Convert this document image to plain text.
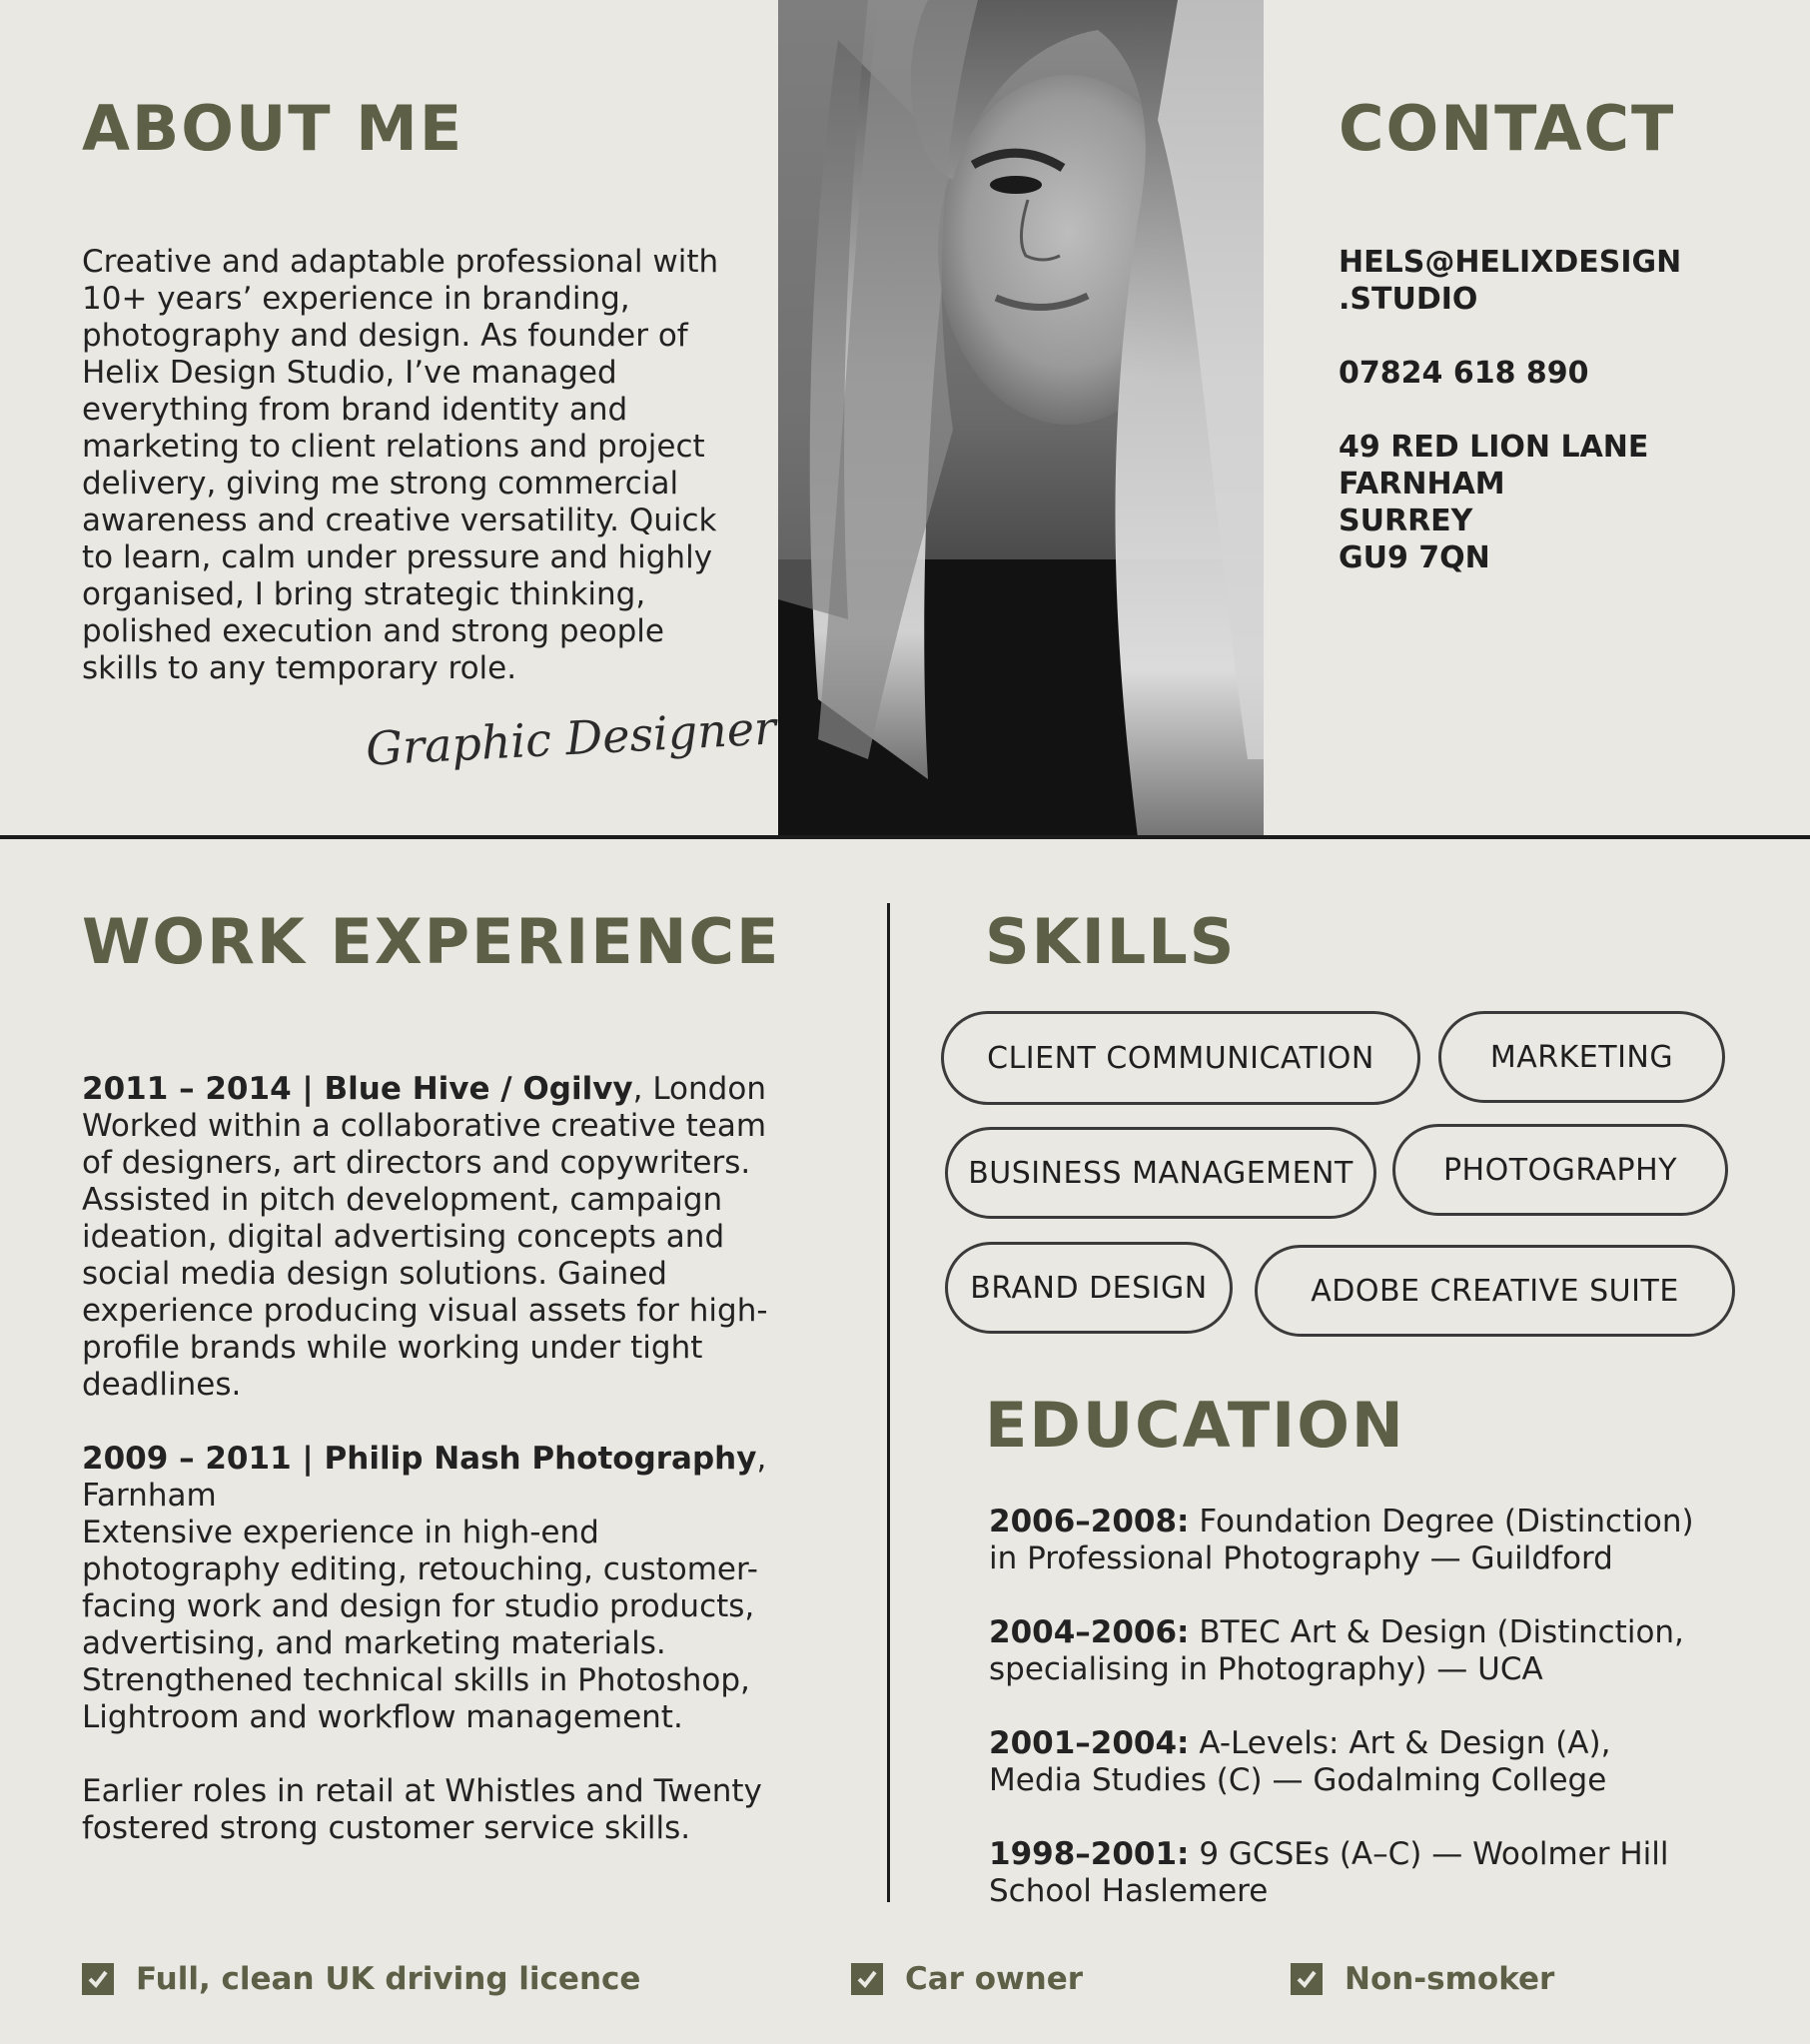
ABOUT ME
Creative and adaptable professional with 10+ years’ experience in branding, photography and design. As founder of Helix Design Studio, I’ve managed everything from brand identity and marketing to client relations and project delivery, giving me strong commercial awareness and creative versatility. Quick to learn, calm under pressure and highly organised, I bring strategic thinking, polished execution and strong people skills to any temporary role.
Graphic Designer
CONTACT
HELS@HELIXDESIGN
.STUDIO
07824 618 890
49 RED LION LANE
FARNHAM
SURREY
GU9 7QN
WORK EXPERIENCE

2011 – 2014 | Blue Hive / Ogilvy, London
Worked within a collaborative creative team of designers, art directors and copywriters. Assisted in pitch development, campaign ideation, digital advertising concepts and social media design solutions. Gained experience producing visual assets for high-profile brands while working under tight deadlines.

2009 – 2011 | Philip Nash Photography, Farnham
Extensive experience in high-end photography editing, retouching, customer-facing work and design for studio products, advertising, and marketing materials. Strengthened technical skills in Photoshop, Lightroom and workflow management.

Earlier roles in retail at Whistles and Twenty fostered strong customer service skills.

SKILLS
CLIENT COMMUNICATION	MARKETING
BUSINESS MANAGEMENT	PHOTOGRAPHY
BRAND DESIGN	ADOBE CREATIVE SUITE
EDUCATION

2006–2008: Foundation Degree (Distinction) in Professional Photography — Guildford

2004–2006: BTEC Art & Design (Distinction, specialising in Photography) — UCA

2001–2004: A-Levels: Art & Design (A), Media Studies (C) — Godalming College

1998–2001: 9 GCSEs (A–C) — Woolmer Hill School Haslemere

Full, clean UK driving licence	Car owner	Non-smoker
